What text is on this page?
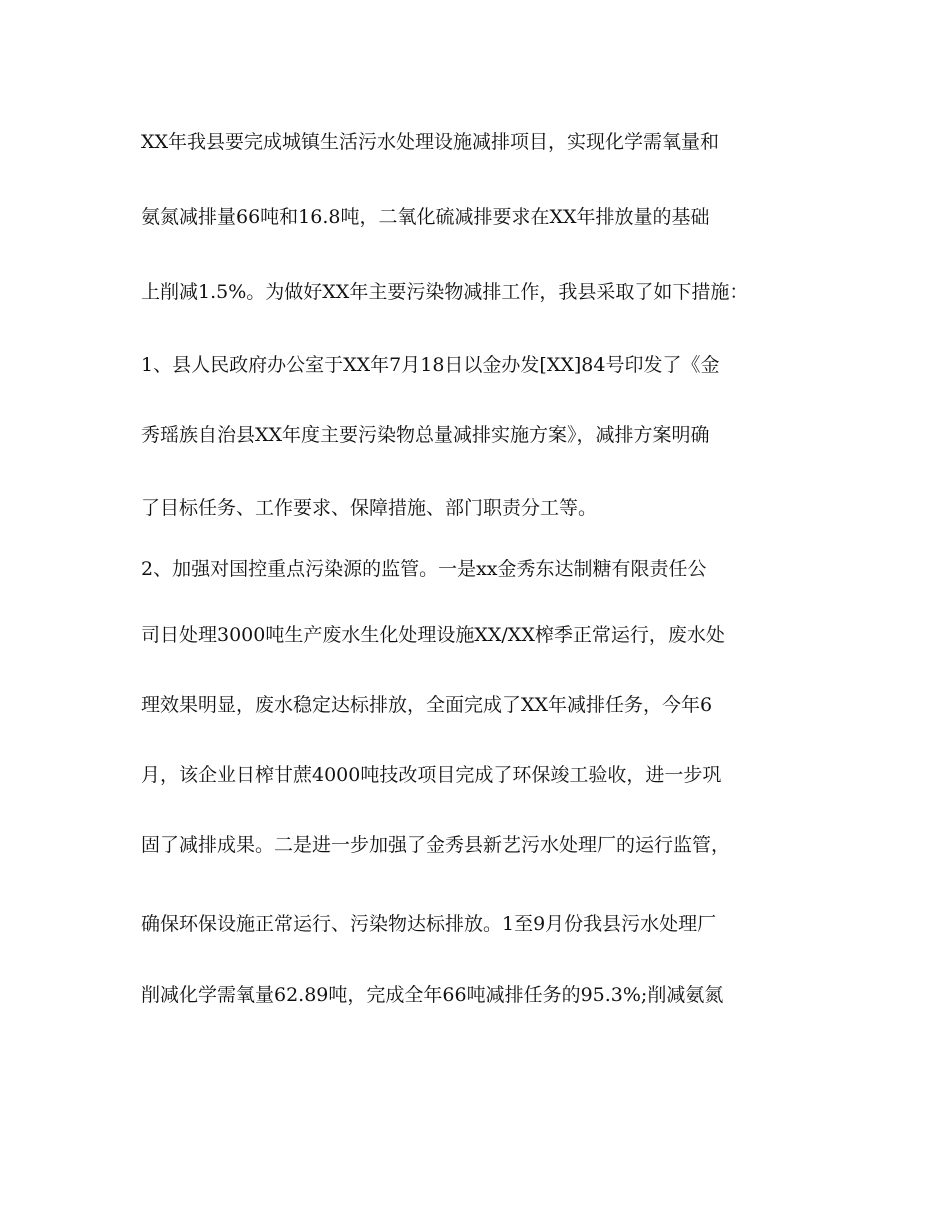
XX年我县要完成城镇生活污水处理设施减排项目，实现化学需氧量和
氨氮减排量66吨和16.8吨，二氧化硫减排要求在XX年排放量的基础
上削减1.5%。为做好XX年主要污染物减排工作，我县采取了如下措施：
1、县人民政府办公室于XX年7月18日以金办发[XX]84号印发了《金
秀瑶族自治县XX年度主要污染物总量减排实施方案》，减排方案明确
了目标任务、工作要求、保障措施、部门职责分工等。
2、加强对国控重点污染源的监管。一是xx金秀东达制糖有限责任公
司日处理3000吨生产废水生化处理设施XX/XX榨季正常运行，废水处
理效果明显，废水稳定达标排放，全面完成了XX年减排任务，今年6
月，该企业日榨甘蔗4000吨技改项目完成了环保竣工验收，进一步巩
固了减排成果。二是进一步加强了金秀县新艺污水处理厂的运行监管，
确保环保设施正常运行、污染物达标排放。1至9月份我县污水处理厂
削减化学需氧量62.89吨，完成全年66吨减排任务的95.3%;削减氨氮
